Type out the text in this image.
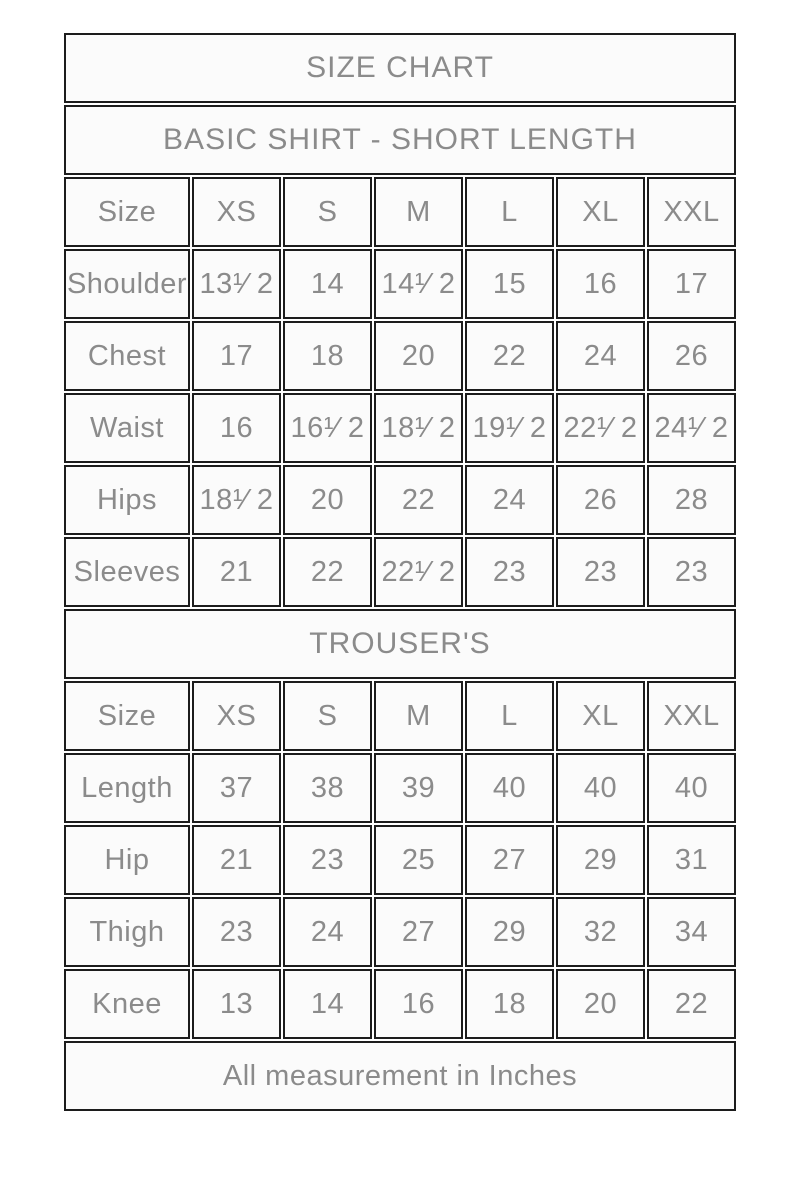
SIZE CHART						
BASIC SHIRT - SHORT LENGTH						
Size	XS	S	M	L	XL	XXL
Shoulder	13¹⁄ 2	14	14¹⁄ 2	15	16	17
Chest	17	18	20	22	24	26
Waist	16	16¹⁄ 2	18¹⁄ 2	19¹⁄ 2	22¹⁄ 2	24¹⁄ 2
Hips	18¹⁄ 2	20	22	24	26	28
Sleeves	21	22	22¹⁄ 2	23	23	23
TROUSER'S						
Size	XS	S	M	L	XL	XXL
Length	37	38	39	40	40	40
Hip	21	23	25	27	29	31
Thigh	23	24	27	29	32	34
Knee	13	14	16	18	20	22
All measurement in Inches						
